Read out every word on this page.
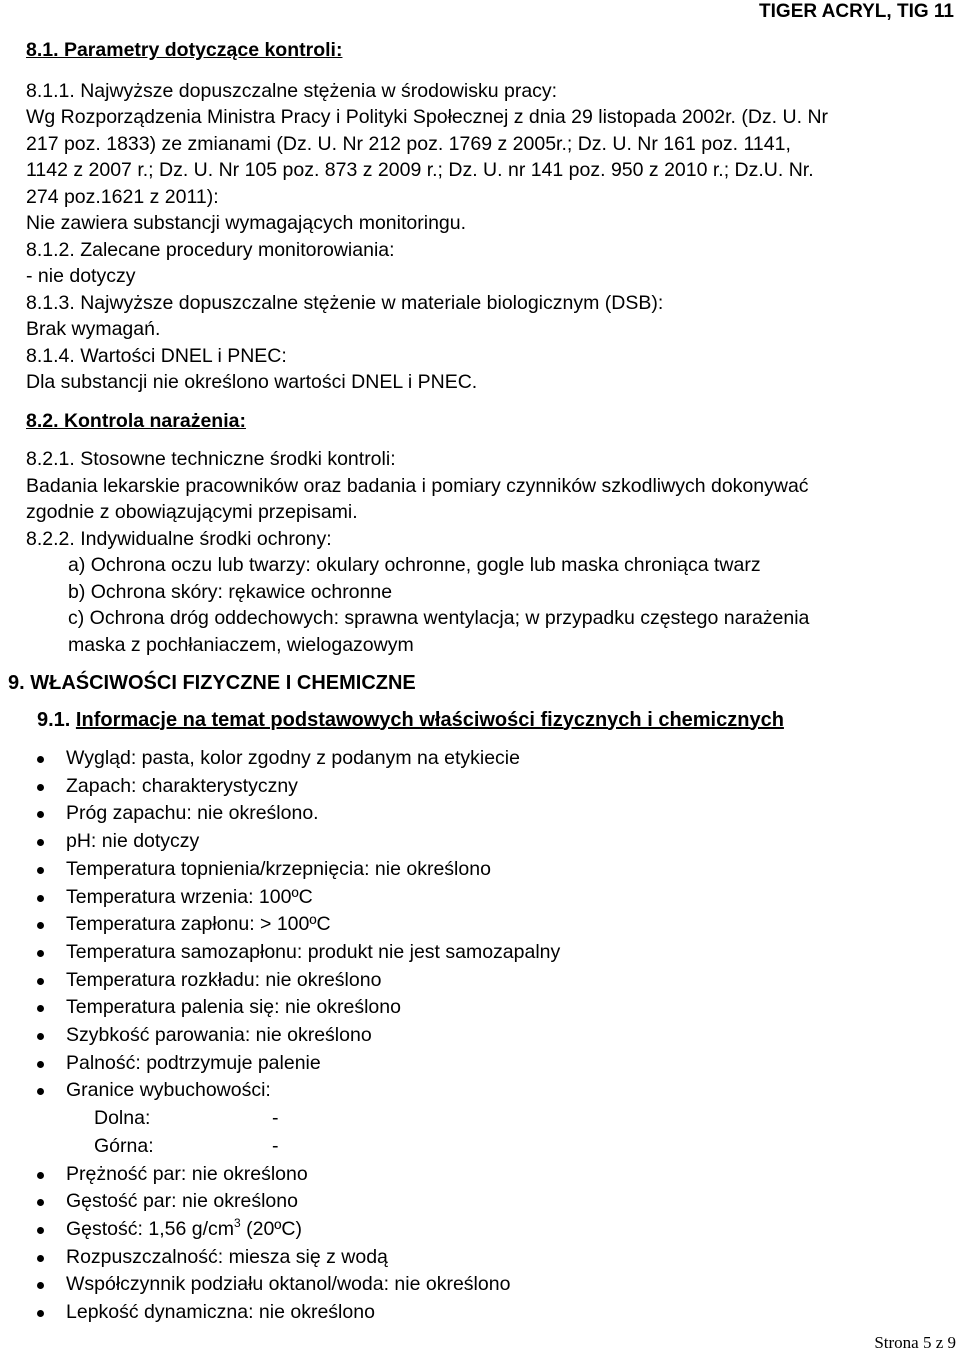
TIGER ACRYL, TIG 11
8.1. Parametry dotyczące kontroli:
8.1.1. Najwyższe dopuszczalne stężenia w środowisku pracy:
Wg Rozporządzenia Ministra Pracy i Polityki Społecznej z dnia 29 listopada 2002r. (Dz. U. Nr
217 poz. 1833) ze zmianami (Dz. U. Nr 212 poz. 1769 z 2005r.; Dz. U. Nr 161 poz. 1141,
1142 z 2007 r.; Dz. U. Nr 105 poz. 873 z 2009 r.; Dz. U. nr 141 poz. 950 z 2010 r.; Dz.U. Nr.
274 poz.1621 z 2011):
Nie zawiera substancji wymagających monitoringu.
8.1.2. Zalecane procedury monitorowiania:
- nie dotyczy
8.1.3. Najwyższe dopuszczalne stężenie w materiale biologicznym (DSB):
Brak wymagań.
8.1.4. Wartości DNEL i PNEC:
Dla substancji nie określono wartości DNEL i PNEC.
8.2. Kontrola narażenia:
8.2.1. Stosowne techniczne środki kontroli:
Badania lekarskie pracowników oraz badania i pomiary czynników szkodliwych dokonywać
zgodnie z obowiązującymi przepisami.
8.2.2. Indywidualne środki ochrony:
a) Ochrona oczu lub twarzy: okulary ochronne, gogle lub maska chroniąca twarz
b) Ochrona skóry: rękawice ochronne
c) Ochrona dróg oddechowych: sprawna wentylacja; w przypadku częstego narażenia
maska z pochłaniaczem, wielogazowym
9. WŁAŚCIWOŚCI FIZYCZNE I CHEMICZNE
9.1. Informacje na temat podstawowych właściwości fizycznych i chemicznych
Wygląd: pasta, kolor zgodny z podanym na etykiecie
Zapach: charakterystyczny
Próg zapachu: nie określono.
pH: nie dotyczy
Temperatura topnienia/krzepnięcia: nie określono
Temperatura wrzenia: 100ºC
Temperatura zapłonu: > 100ºC
Temperatura samozapłonu: produkt nie jest samozapalny
Temperatura rozkładu: nie określono
Temperatura palenia się: nie określono
Szybkość parowania: nie określono
Palność: podtrzymuje palenie
Granice wybuchowości:
Dolna:	-
Górna:	-
Prężność par: nie określono
Gęstość par: nie określono
Gęstość: 1,56 $g/cm^3$ (20ºC)
Rozpuszczalność: miesza się z wodą
Współczynnik podziału oktanol/woda: nie określono
Lepkość dynamiczna: nie określono
Strona 5 z 9
